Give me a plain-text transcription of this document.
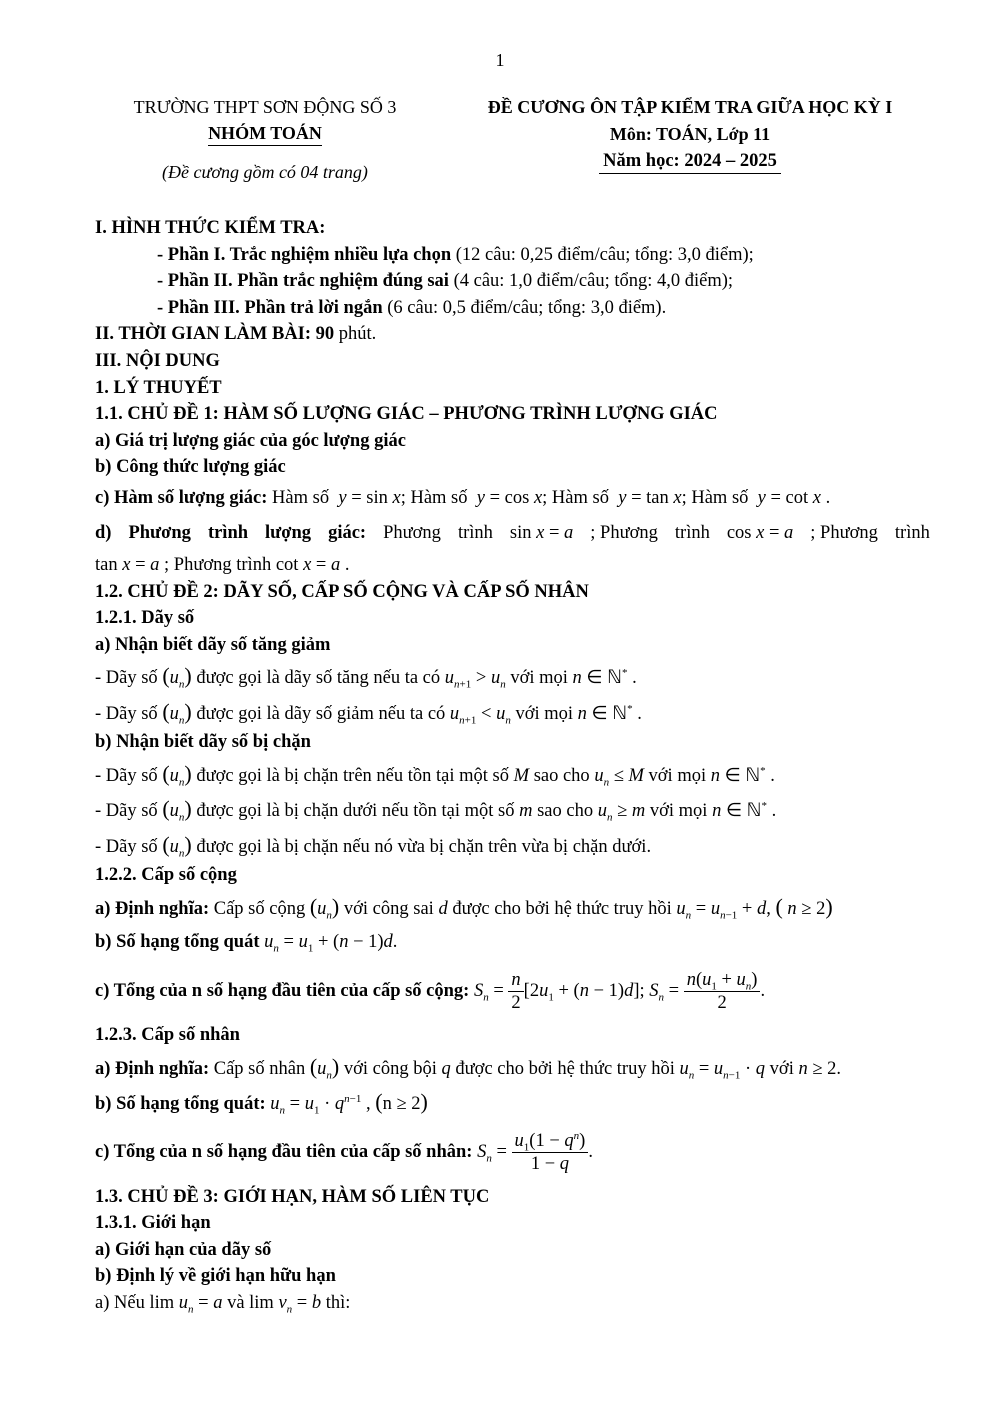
1
TRƯỜNG THPT SƠN ĐỘNG SỐ 3
NHÓM TOÁN
(Đề cương gồm có 04 trang)
ĐỀ CƯƠNG ÔN TẬP KIỂM TRA GIỮA HỌC KỲ I
Môn: TOÁN, Lớp 11
Năm học: 2024 – 2025
I. HÌNH THỨC KIỂM TRA:
- Phần I. Trắc nghiệm nhiều lựa chọn (12 câu: 0,25 điểm/câu; tổng: 3,0 điểm);
- Phần II. Phần trắc nghiệm đúng sai (4 câu: 1,0 điểm/câu; tổng: 4,0 điểm);
- Phần III. Phần trả lời ngắn (6 câu: 0,5 điểm/câu; tổng: 3,0 điểm).
II. THỜI GIAN LÀM BÀI: 90 phút.
III. NỘI DUNG
1. LÝ THUYẾT
1.1. CHỦ ĐỀ 1: HÀM SỐ LƯỢNG GIÁC – PHƯƠNG TRÌNH LƯỢNG GIÁC
a) Giá trị lượng giác của góc lượng giác
b) Công thức lượng giác
c) Hàm số lượng giác: Hàm số  y = sin x; Hàm số  y = cos x; Hàm số  y = tan x; Hàm số  y = cot x .
d) Phương trình lượng giác: Phương trình sin x = a ; Phương trình cos x = a ; Phương trình
tan x = a ; Phương trình cot x = a .
1.2. CHỦ ĐỀ 2: DÃY SỐ, CẤP SỐ CỘNG VÀ CẤP SỐ NHÂN
1.2.1. Dãy số
a) Nhận biết dãy số tăng giảm
- Dãy số $(u_n)$ được gọi là dãy số tăng nếu ta có $u_{n+1} > u_n$ với mọi n ∈ ℕ* .
- Dãy số $(u_n)$ được gọi là dãy số giảm nếu ta có $u_{n+1} < u_n$ với mọi n ∈ ℕ* .
b) Nhận biết dãy số bị chặn
- Dãy số $(u_n)$ được gọi là bị chặn trên nếu tồn tại một số M sao cho $u_n \le M$ với mọi n ∈ ℕ* .
- Dãy số $(u_n)$ được gọi là bị chặn dưới nếu tồn tại một số m sao cho $u_n \ge m$ với mọi n ∈ ℕ* .
- Dãy số $(u_n)$ được gọi là bị chặn nếu nó vừa bị chặn trên vừa bị chặn dưới.
1.2.2. Cấp số cộng
a) Định nghĩa: Cấp số cộng $(u_n)$ với công sai d được cho bởi hệ thức truy hồi $u_n = u_{n-1} + d$, ( n ≥ 2)
b) Số hạng tổng quát $u_n = u_1 + (n - 1)d$.
c) Tổng của n số hạng đầu tiên của cấp số cộng: $S_n = \frac{n}{2} [2u_1 + (n - 1)d]$; $S_n = \frac{n(u_1 + u_n)}{2}$ .
1.2.3. Cấp số nhân
a) Định nghĩa: Cấp số nhân $(u_n)$ với công bội q được cho bởi hệ thức truy hồi $u_n = u_{n-1} \cdot q$ với n ≥ 2.
b) Số hạng tổng quát: $u_n = u_1 \cdot q^{n-1}$ , (n ≥ 2)
c) Tổng của n số hạng đầu tiên của cấp số nhân: $S_n = \frac{u_1(1 - q^n)}{1 - q}$ .
1.3. CHỦ ĐỀ 3: GIỚI HẠN, HÀM SỐ LIÊN TỤC
1.3.1. Giới hạn
a) Giới hạn của dãy số
b) Định lý về giới hạn hữu hạn
a) Nếu $\lim u_n = a$ và $\lim v_n = b$ thì:
